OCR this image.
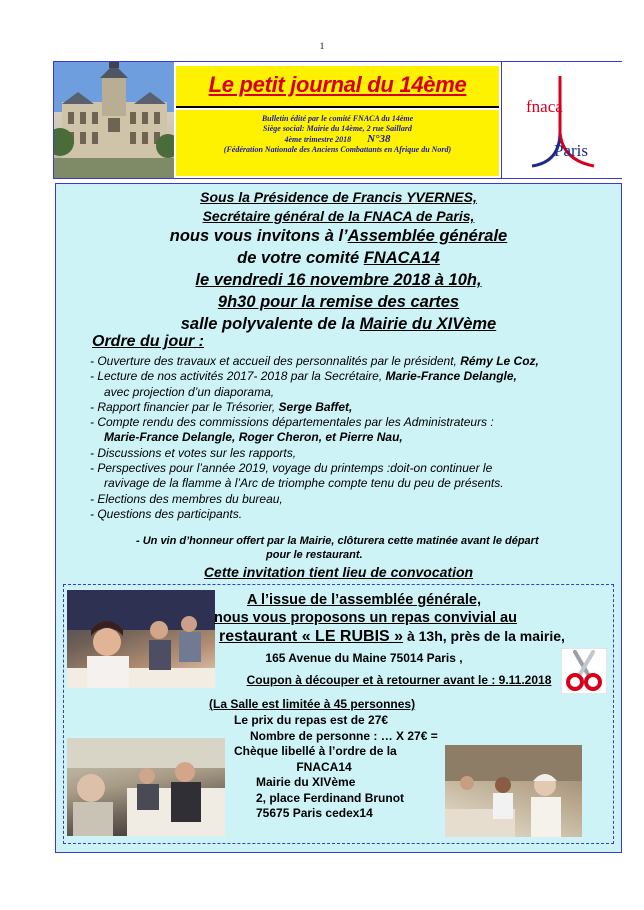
1
Le petit journal du 14ème
Bulletin édité par le comité FNACA du 14ème
Siège social: Mairie du 14ème, 2 rue Saillard
4ème trimestre 2018 N°38
(Fédération Nationale des Anciens Combattants en Afrique du Nord)
fnaca
Paris
Sous la Présidence de Francis YVERNES,
Secrétaire général de la FNACA de Paris,
nous vous invitons à l’Assemblée générale
de votre comité FNACA14
le vendredi 16 novembre 2018 à 10h,
9h30 pour la remise des cartes
salle polyvalente de la Mairie du XIVème
Ordre du jour :
- Ouverture des travaux et accueil des personnalités par le président, Rémy Le Coz,
- Lecture de nos activités 2017- 2018 par la Secrétaire, Marie-France Delangle,
avec projection d’un diaporama,
- Rapport financier par le Trésorier, Serge Baffet,
- Compte rendu des commissions départementales par les Administrateurs :
Marie-France Delangle, Roger Cheron, et Pierre Nau,
- Discussions et votes sur les rapports,
- Perspectives pour l’année 2019, voyage du printemps :doit-on continuer le
ravivage de la flamme à l’Arc de triomphe compte tenu du peu de présents.
- Elections des membres du bureau,
- Questions des participants.
- Un vin d’honneur offert par la Mairie, clôturera cette matinée avant le départ
pour le restaurant.
Cette invitation tient lieu de convocation
A l’issue de l’assemblée générale,
nous vous proposons un repas convivial au
restaurant « LE RUBIS » à 13h, près de la mairie,
165 Avenue du Maine 75014 Paris ,
Coupon à découper et à retourner avant le : 9.11.2018
(La Salle est limitée à 45 personnes)
Le prix du repas est de 27€
Nombre de personne : … X 27€ =
Chèque libellé à l’ordre de la
FNACA14
Mairie du XIVème
2, place Ferdinand Brunot
75675 Paris cedex14
